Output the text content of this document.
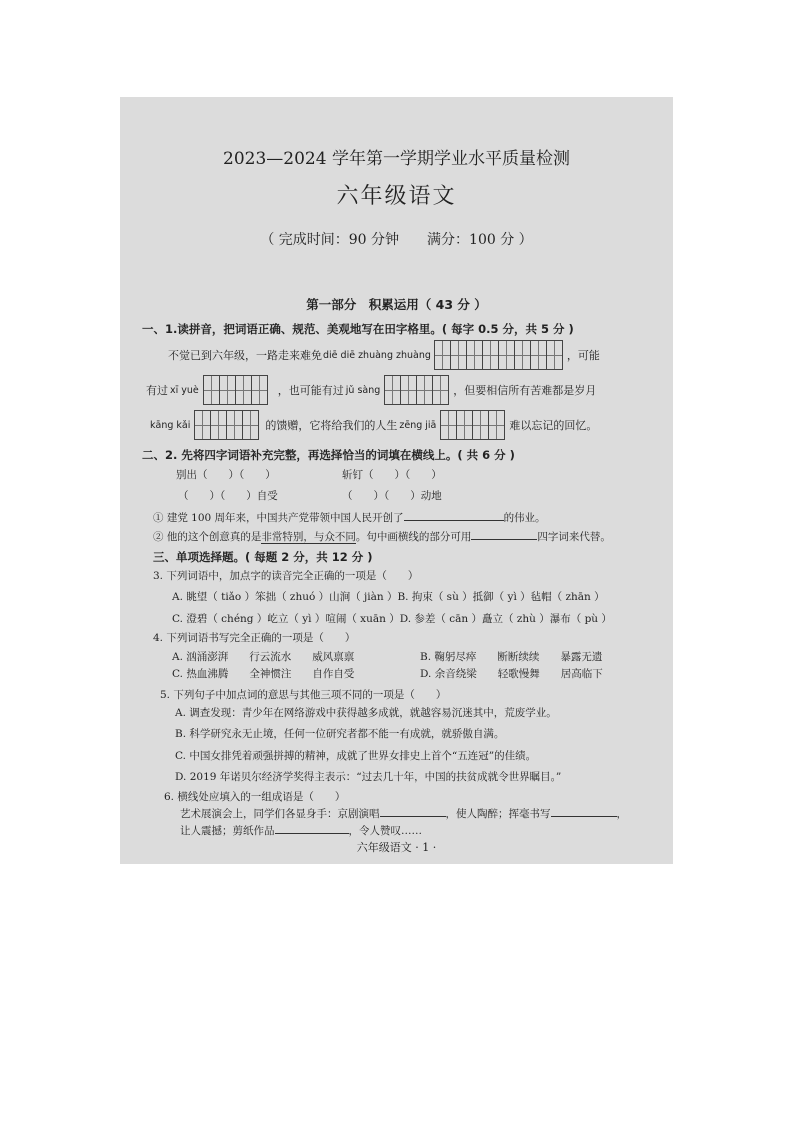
2023—2024 学年第一学期学业水平质量检测
六年级语文
（ 完成时间：90 分钟 满分：100 分 ）
第一部分　积累运用（ 43 分 ）
一、1.读拼音，把词语正确、规范、美观地写在田字格里。( 每字 0.5 分，共 5 分 )
不觉已到六年级，一路走来难免 diē diē zhuàng zhuàng	，可能
有过 xī yuè	，也可能有过 jǔ sàng	，但要相信所有苦难都是岁月
kāng kǎi	的馈赠，它将给我们的人生 zēng jiā	难以忘记的回忆。
二、2. 先将四字词语补充完整，再选择恰当的词填在横线上。( 共 6 分 )
别出（　　）（　　）	斩钉（　　）（　　）
（　　）（　　）自受	（　　）（　　）动地
① 建党 100 周年来，中国共产党带领中国人民开创了	的伟业。
② 他的这个创意真的是非常特别，与众不同。句中画横线的部分可用	四字词来代替。
三、单项选择题。( 每题 2 分，共 12 分 )
3. 下列词语中，加点字的读音完全正确的一项是（　　）
A. 眺望（ tiǎo ）笨拙（ zhuó ）山涧（ jiàn ）B. 拘束（ sù ）抵御（ yì ）毡帽（ zhān ）
C. 澄碧（ chéng ）屹立（ yì ）喧闹（ xuān ）D. 参差（ cān ）矗立（ zhù ）瀑布（ pù ）
4. 下列词语书写完全正确的一项是（　　）
A. 汹涌澎湃　　行云流水　　威风禀禀	B. 鞠躬尽瘁　　断断续续　　暴露无遗
C. 热血沸腾　　全神惯注　　自作自受	D. 余音绕梁　　轻歌慢舞　　居高临下
5. 下列句子中加点词的意思与其他三项不同的一项是（　　）
A. 调查发现：青少年在网络游戏中获得越多成就，就越容易沉迷其中，荒废学业。
B. 科学研究永无止境，任何一位研究者都不能一有成就，就骄傲自满。
C. 中国女排凭着顽强拼搏的精神，成就了世界女排史上首个“五连冠”的佳绩。
D. 2019 年诺贝尔经济学奖得主表示：“过去几十年，中国的扶贫成就令世界瞩目。”
6. 横线处应填入的一组成语是（　　）
艺术展演会上，同学们各显身手：京剧演唱	，使人陶醉；挥毫书写	，
让人震撼；剪纸作品	，令人赞叹……
六年级语文 · 1 ·
